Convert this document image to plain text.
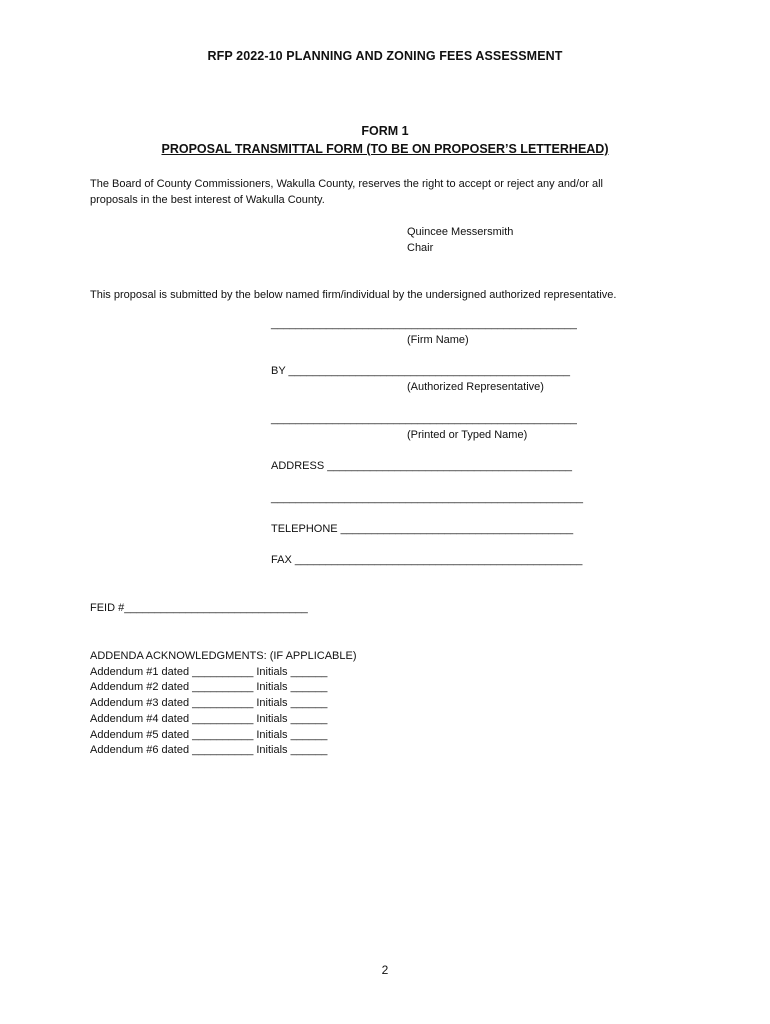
RFP 2022-10 PLANNING AND ZONING FEES ASSESSMENT
FORM 1
PROPOSAL TRANSMITTAL FORM (TO BE ON PROPOSER’S LETTERHEAD)
The Board of County Commissioners, Wakulla County, reserves the right to accept or reject any and/or all
proposals in the best interest of Wakulla County.
Quincee Messersmith
Chair
This proposal is submitted by the below named firm/individual by the undersigned authorized representative.
__________________________________________________
(Firm Name)
BY ______________________________________________
(Authorized Representative)
__________________________________________________
(Printed or Typed Name)
ADDRESS ________________________________________
___________________________________________________
TELEPHONE ______________________________________
FAX _______________________________________________
FEID #______________________________
ADDENDA ACKNOWLEDGMENTS: (IF APPLICABLE)
Addendum #1 dated __________ Initials ______
Addendum #2 dated __________ Initials ______
Addendum #3 dated __________ Initials ______
Addendum #4 dated __________ Initials ______
Addendum #5 dated __________ Initials ______
Addendum #6 dated __________ Initials ______
2
